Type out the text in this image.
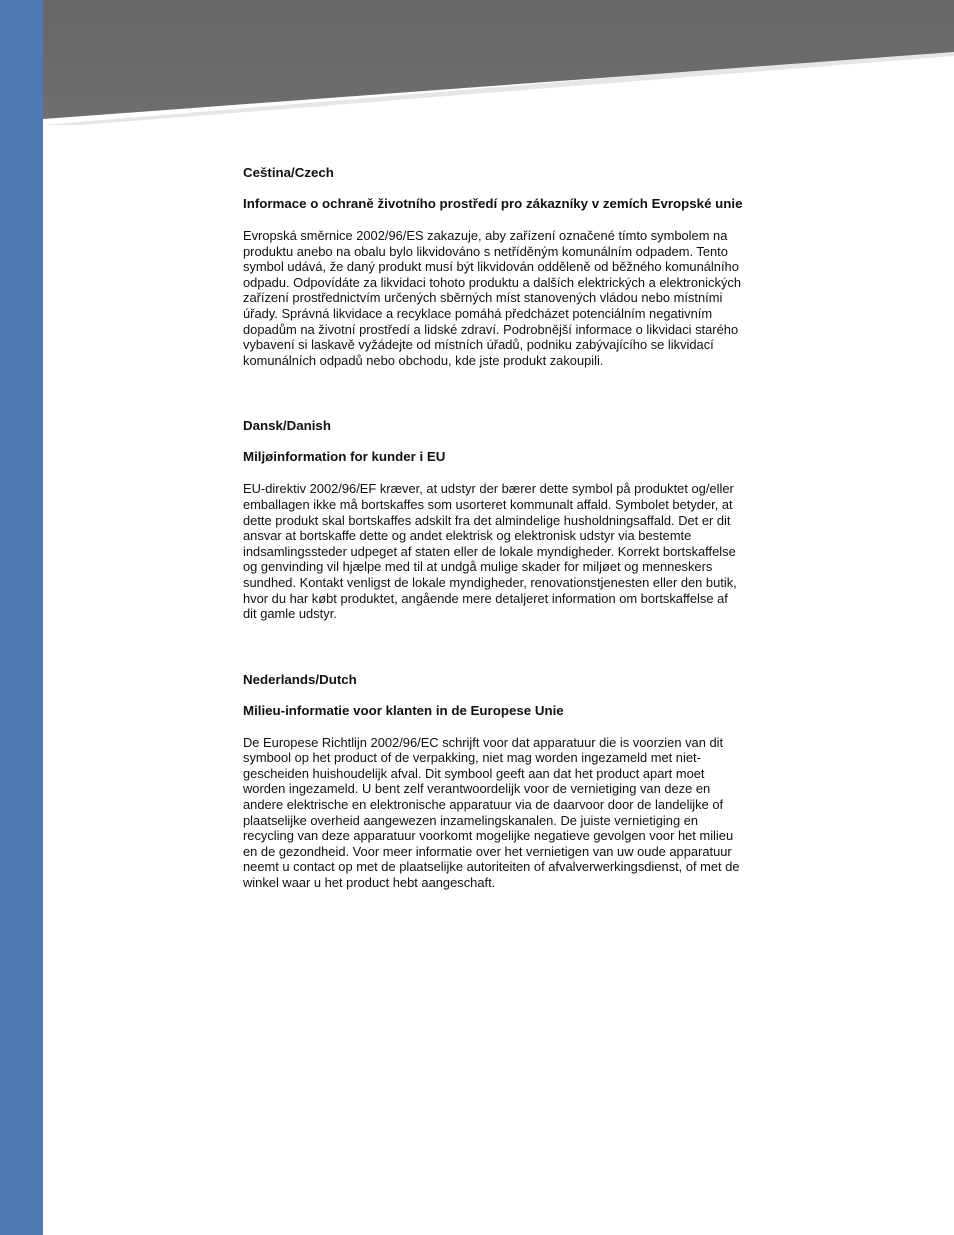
Ceština/Czech

Informace o ochraně životního prostředí pro zákazníky v zemích Evropské unie

Evropská směrnice 2002/96/ES zakazuje, aby zařízení označené tímto symbolem na produktu anebo na obalu bylo likvidováno s netříděným komunálním odpadem. Tento symbol udává, že daný produkt musí být likvidován odděleně od běžného komunálního odpadu. Odpovídáte za likvidaci tohoto produktu a dalších elektrických a elektronických zařízení prostřednictvím určených sběrných míst stanovených vládou nebo místními úřady. Správná likvidace a recyklace pomáhá předcházet potenciálním negativním dopadům na životní prostředí a lidské zdraví. Podrobnější informace o likvidaci starého vybavení si laskavě vyžádejte od místních úřadů, podniku zabývajícího se likvidací komunálních odpadů nebo obchodu, kde jste produkt zakoupili.

Dansk/Danish

Miljøinformation for kunder i EU

EU-direktiv 2002/96/EF kræver, at udstyr der bærer dette symbol på produktet og/eller emballagen ikke må bortskaffes som usorteret kommunalt affald. Symbolet betyder, at dette produkt skal bortskaffes adskilt fra det almindelige husholdningsaffald. Det er dit ansvar at bortskaffe dette og andet elektrisk og elektronisk udstyr via bestemte indsamlingssteder udpeget af staten eller de lokale myndigheder. Korrekt bortskaffelse og genvinding vil hjælpe med til at undgå mulige skader for miljøet og menneskers sundhed. Kontakt venligst de lokale myndigheder, renovationstjenesten eller den butik, hvor du har købt produktet, angående mere detaljeret information om bortskaffelse af dit gamle udstyr.

Nederlands/Dutch

Milieu-informatie voor klanten in de Europese Unie

De Europese Richtlijn 2002/96/EC schrijft voor dat apparatuur die is voorzien van dit symbool op het product of de verpakking, niet mag worden ingezameld met niet-gescheiden huishoudelijk afval. Dit symbool geeft aan dat het product apart moet worden ingezameld. U bent zelf verantwoordelijk voor de vernietiging van deze en andere elektrische en elektronische apparatuur via de daarvoor door de landelijke of plaatselijke overheid aangewezen inzamelingskanalen. De juiste vernietiging en recycling van deze apparatuur voorkomt mogelijke negatieve gevolgen voor het milieu en de gezondheid. Voor meer informatie over het vernietigen van uw oude apparatuur neemt u contact op met de plaatselijke autoriteiten of afvalverwerkingsdienst, of met de winkel waar u het product hebt aangeschaft.
